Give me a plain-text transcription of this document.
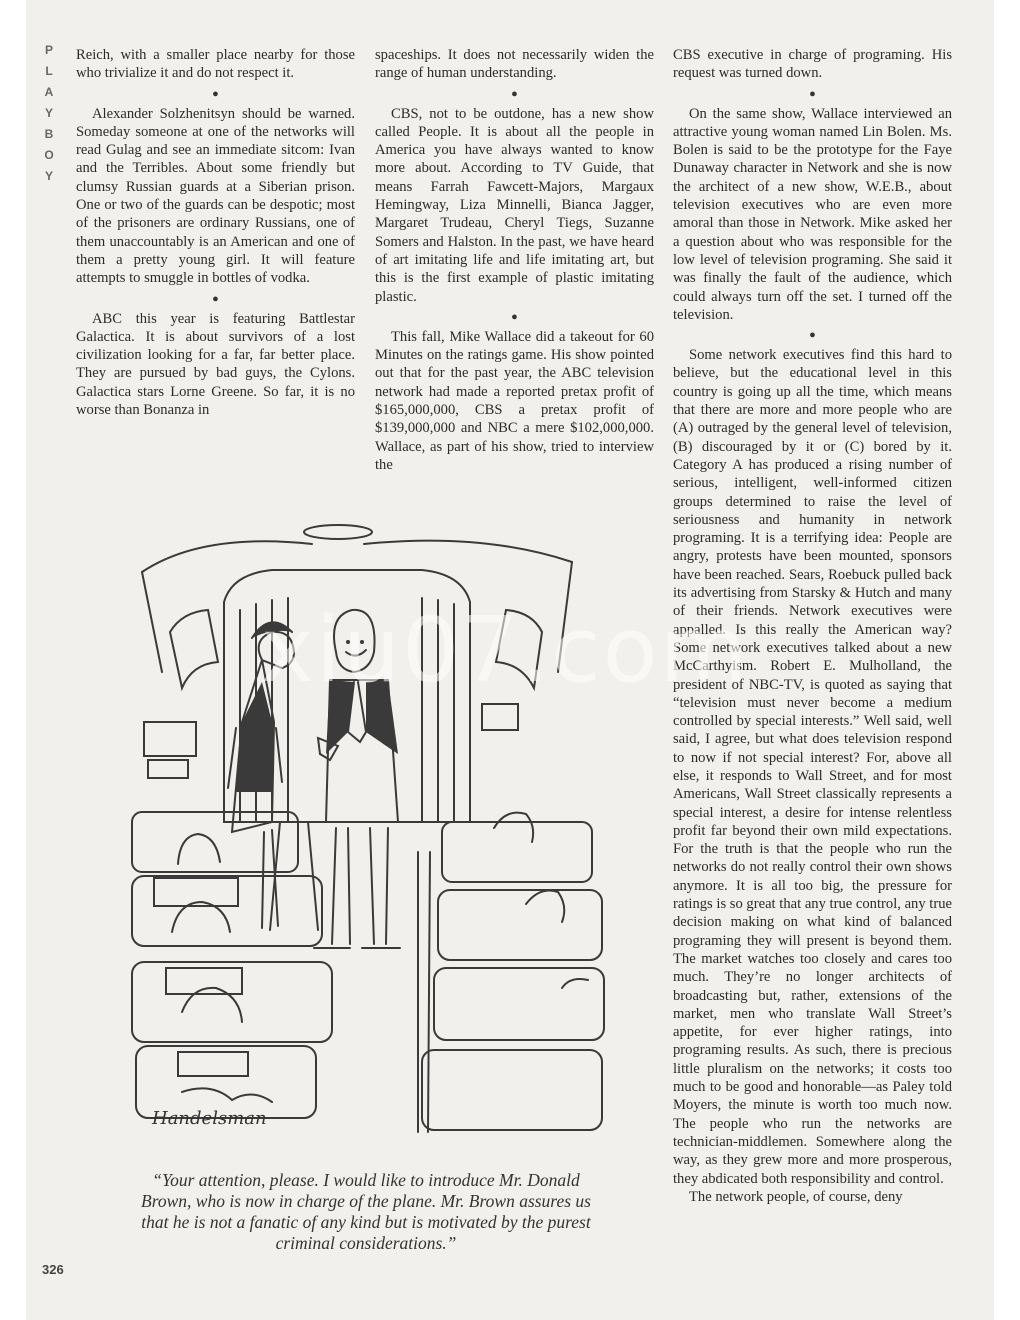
PLAYBOY

Reich, with a smaller place nearby for those who trivialize it and do not respect it.

●

Alexander Solzhenitsyn should be warned. Someday someone at one of the networks will read Gulag and see an immediate sitcom: Ivan and the Terribles. About some friendly but clumsy Russian guards at a Siberian prison. One or two of the guards can be despotic; most of the prisoners are ordinary Russians, one of them unaccountably is an American and one of them a pretty young girl. It will feature attempts to smuggle in bottles of vodka.

●

ABC this year is featuring Battlestar Galactica. It is about survivors of a lost civilization looking for a far, far better place. They are pursued by bad guys, the Cylons. Galactica stars Lorne Greene. So far, it is no worse than Bonanza in

spaceships. It does not necessarily widen the range of human understanding.

●

CBS, not to be outdone, has a new show called People. It is about all the people in America you have always wanted to know more about. According to TV Guide, that means Farrah Fawcett-Majors, Margaux Hemingway, Liza Minnelli, Bianca Jagger, Margaret Trudeau, Cheryl Tiegs, Suzanne Somers and Halston. In the past, we have heard of art imitating life and life imitating art, but this is the first example of plastic imitating plastic.

●

This fall, Mike Wallace did a takeout for 60 Minutes on the ratings game. His show pointed out that for the past year, the ABC television network had made a reported pretax profit of $165,000,000, CBS a pretax profit of $139,000,000 and NBC a mere $102,000,000. Wallace, as part of his show, tried to interview the

CBS executive in charge of programing. His request was turned down.

●

On the same show, Wallace interviewed an attractive young woman named Lin Bolen. Ms. Bolen is said to be the prototype for the Faye Dunaway character in Network and she is now the architect of a new show, W.E.B., about television executives who are even more amoral than those in Network. Mike asked her a question about who was responsible for the low level of television programing. She said it was finally the fault of the audience, which could always turn off the set. I turned off the television.

●

Some network executives find this hard to believe, but the educational level in this country is going up all the time, which means that there are more and more people who are (A) outraged by the general level of television, (B) discouraged by it or (C) bored by it. Category A has produced a rising number of serious, intelligent, well-informed citizen groups determined to raise the level of seriousness and humanity in network programing. It is a terrifying idea: People are angry, protests have been mounted, sponsors have been reached. Sears, Roebuck pulled back its advertising from Starsky & Hutch and many of their friends. Network executives were appalled. Is this really the American way? Some network executives talked about a new McCarthyism. Robert E. Mulholland, the president of NBC-TV, is quoted as saying that “television must never become a medium controlled by special interests.” Well said, well said, I agree, but what does television respond to now if not special interest? For, above all else, it responds to Wall Street, and for most Americans, Wall Street classically represents a special interest, a desire for intense relentless profit far beyond their own mild expectations. For the truth is that the people who run the networks do not really control their own shows anymore. It is all too big, the pressure for ratings is so great that any true control, any true decision making on what kind of balanced programing they will present is beyond them. The market watches too closely and cares too much. They’re no longer architects of broadcasting but, rather, extensions of the market, men who translate Wall Street’s appetite, for ever higher ratings, into programing results. As such, there is precious little pluralism on the networks; it costs too much to be good and honorable—as Paley told Moyers, the minute is worth too much now. The people who run the networks are technician-middlemen. Somewhere along the way, as they grew more and more prosperous, they abdicated both responsibility and control.

The network people, of course, deny

Handelsman
“Your attention, please. I would like to introduce Mr. Donald Brown, who is now in charge of the plane. Mr. Brown assures us that he is not a fanatic of any kind but is motivated by the purest criminal considerations.”
326
xiu07.com
